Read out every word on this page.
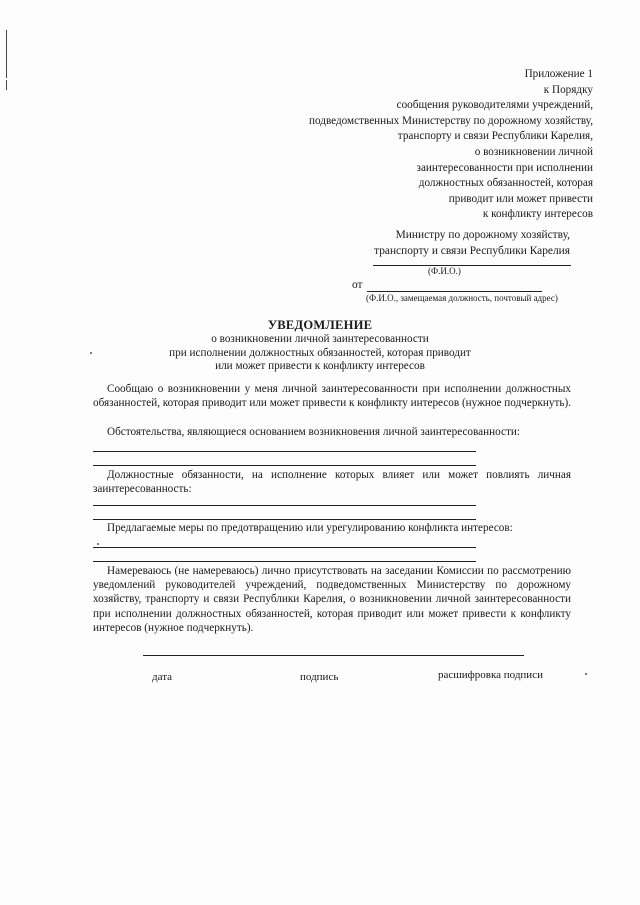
Приложение 1
к Порядку
сообщения руководителями учреждений,
подведомственных Министерству по дорожному хозяйству,
транспорту и связи Республики Карелия,
о возникновении личной
заинтересованности при исполнении
должностных обязанностей, которая
приводит или может привести
к конфликту интересов
Министру по дорожному хозяйству,
транспорту и связи Республики Карелия
(Ф.И.О.)
от
(Ф.И.О., замещаемая должность, почтовый адрес)
УВЕДОМЛЕНИЕ
о возникновении личной заинтересованности
при исполнении должностных обязанностей, которая приводит
или может привести к конфликту интересов
Сообщаю о возникновении у меня личной заинтересованности при исполнении должностных обязанностей, которая приводит или может привести к конфликту интересов (нужное подчеркнуть).
Обстоятельства, являющиеся основанием возникновения личной заинтересованности:
Должностные обязанности, на исполнение которых влияет или может повлиять личная заинтересованность:
Предлагаемые меры по предотвращению или урегулированию конфликта интересов:
Намереваюсь (не намереваюсь) лично присутствовать на заседании Комиссии по рассмотрению уведомлений руководителей учреждений, подведомственных Министерству по дорожному хозяйству, транспорту и связи Республики Карелия, о возникновении личной заинтересованности при исполнении должностных обязанностей, которая приводит или может привести к конфликту интересов (нужное подчеркнуть).
дата	подпись	расшифровка подписи
